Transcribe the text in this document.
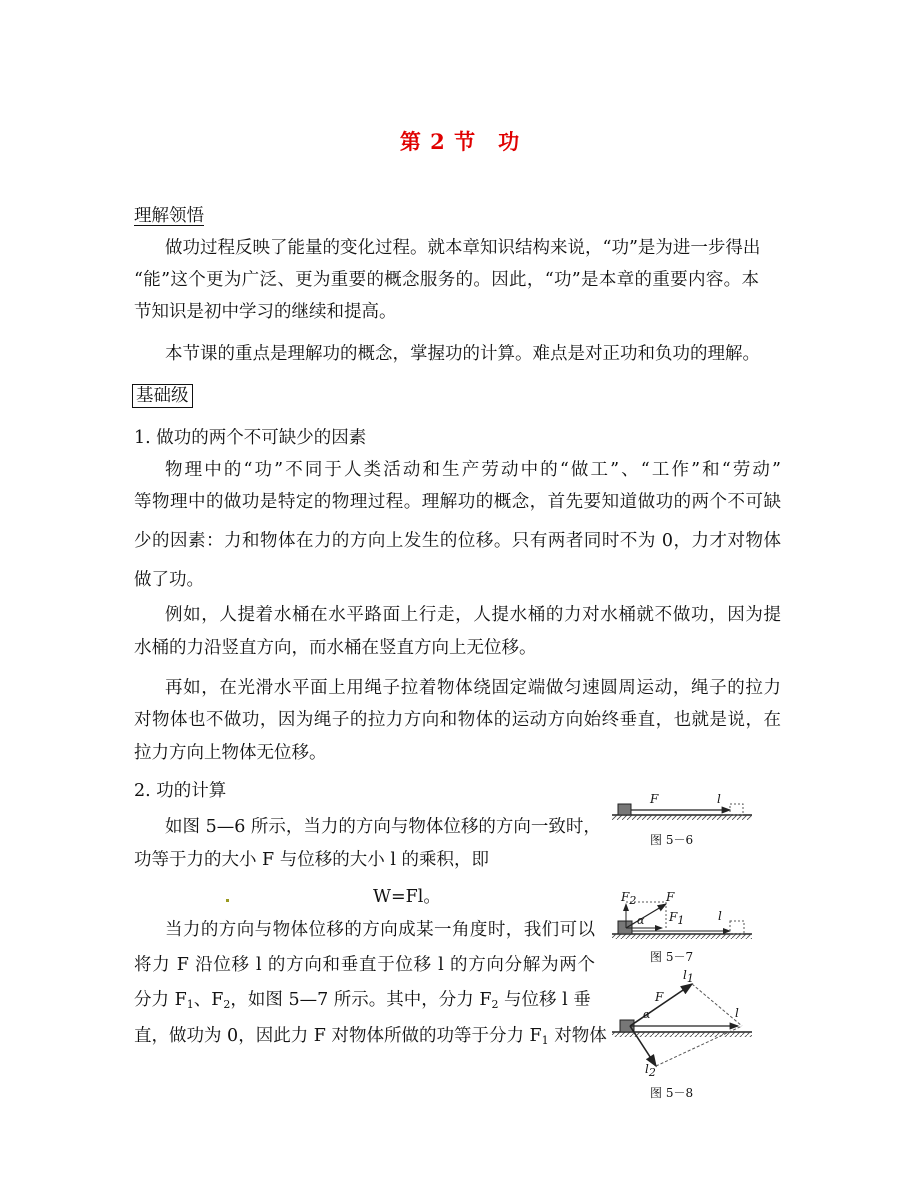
第 2 节　功
理解领悟
做功过程反映了能量的变化过程。就本章知识结构来说，“功”是为进一步得出
“能”这个更为广泛、更为重要的概念服务的。因此，“功”是本章的重要内容。本
节知识是初中学习的继续和提高。
本节课的重点是理解功的概念，掌握功的计算。难点是对正功和负功的理解。
基础级
1. 做功的两个不可缺少的因素
物理中的“功”不同于人类活动和生产劳动中的“做工”、“工作”和“劳动”
等物理中的做功是特定的物理过程。理解功的概念，首先要知道做功的两个不可缺
少的因素：力和物体在力的方向上发生的位移。只有两者同时不为 0，力才对物体
做了功。
例如，人提着水桶在水平路面上行走，人提水桶的力对水桶就不做功，因为提
水桶的力沿竖直方向，而水桶在竖直方向上无位移。
再如，在光滑水平面上用绳子拉着物体绕固定端做匀速圆周运动，绳子的拉力
对物体也不做功，因为绳子的拉力方向和物体的运动方向始终垂直，也就是说，在
拉力方向上物体无位移。
2. 功的计算
如图 5—6 所示，当力的方向与物体位移的方向一致时，
功等于力的大小 F 与位移的大小 l 的乘积，即
W=Fl。
当力的方向与物体位移的方向成某一角度时，我们可以
将力 F 沿位移 l 的方向和垂直于位移 l 的方向分解为两个
分力 $F_1$、$F_2$，如图 5—7 所示。其中，分力 $F_2$ 与位移 l 垂
直，做功为 0，因此力 F 对物体所做的功等于分力 $F_1$ 对物体
F	l
图 5－6
$F_2$ F
$F_1$
α	l
图 5－7
$l_1$
F
α	l
$l_2$
图 5－8
